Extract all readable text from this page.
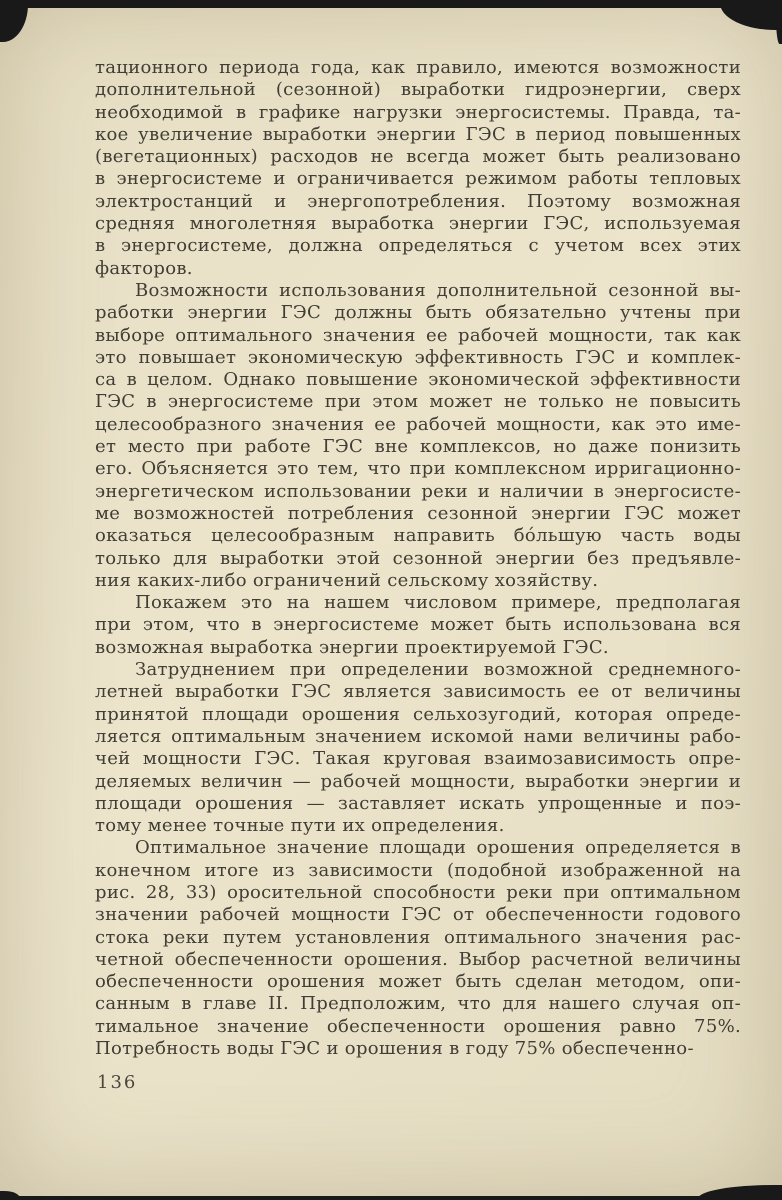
тационного периода года, как правило, имеются возможности
дополнительной (сезонной) выработки гидроэнергии, сверх
необходимой в графике нагрузки энергосистемы. Правда, та-
кое увеличение выработки энергии ГЭС в период повышенных
(вегетационных) расходов не всегда может быть реализовано
в энергосистеме и ограничивается режимом работы тепловых
электростанций и энергопотребления. Поэтому возможная
средняя многолетняя выработка энергии ГЭС, используемая
в энергосистеме, должна определяться с учетом всех этих
факторов.

Возможности использования дополнительной сезонной вы-
работки энергии ГЭС должны быть обязательно учтены при
выборе оптимального значения ее рабочей мощности, так как
это повышает экономическую эффективность ГЭС и комплек-
са в целом. Однако повышение экономической эффективности
ГЭС в энергосистеме при этом может не только не повысить
целесообразного значения ее рабочей мощности, как это име-
ет место при работе ГЭС вне комплексов, но даже понизить
его. Объясняется это тем, что при комплексном ирригационно-
энергетическом использовании реки и наличии в энергосисте-
ме возможностей потребления сезонной энергии ГЭС может
оказаться целесообразным направить бо́льшую часть воды
только для выработки этой сезонной энергии без предъявле-
ния каких-либо ограничений сельскому хозяйству.

Покажем это на нашем числовом примере, предполагая
при этом, что в энергосистеме может быть использована вся
возможная выработка энергии проектируемой ГЭС.

Затруднением при определении возможной среднемного-
летней выработки ГЭС является зависимость ее от величины
принятой площади орошения сельхозугодий, которая опреде-
ляется оптимальным значением искомой нами величины рабо-
чей мощности ГЭС. Такая круговая взаимозависимость опре-
деляемых величин — рабочей мощности, выработки энергии и
площади орошения — заставляет искать упрощенные и поэ-
тому менее точные пути их определения.

Оптимальное значение площади орошения определяется в
конечном итоге из зависимости (подобной изображенной на
рис. 28, 33) оросительной способности реки при оптимальном
значении рабочей мощности ГЭС от обеспеченности годового
стока реки путем установления оптимального значения рас-
четной обеспеченности орошения. Выбор расчетной величины
обеспеченности орошения может быть сделан методом, опи-
санным в главе II. Предположим, что для нашего случая оп-
тимальное значение обеспеченности орошения равно 75%.
Потребность воды ГЭС и орошения в году 75% обеспеченно-

136
